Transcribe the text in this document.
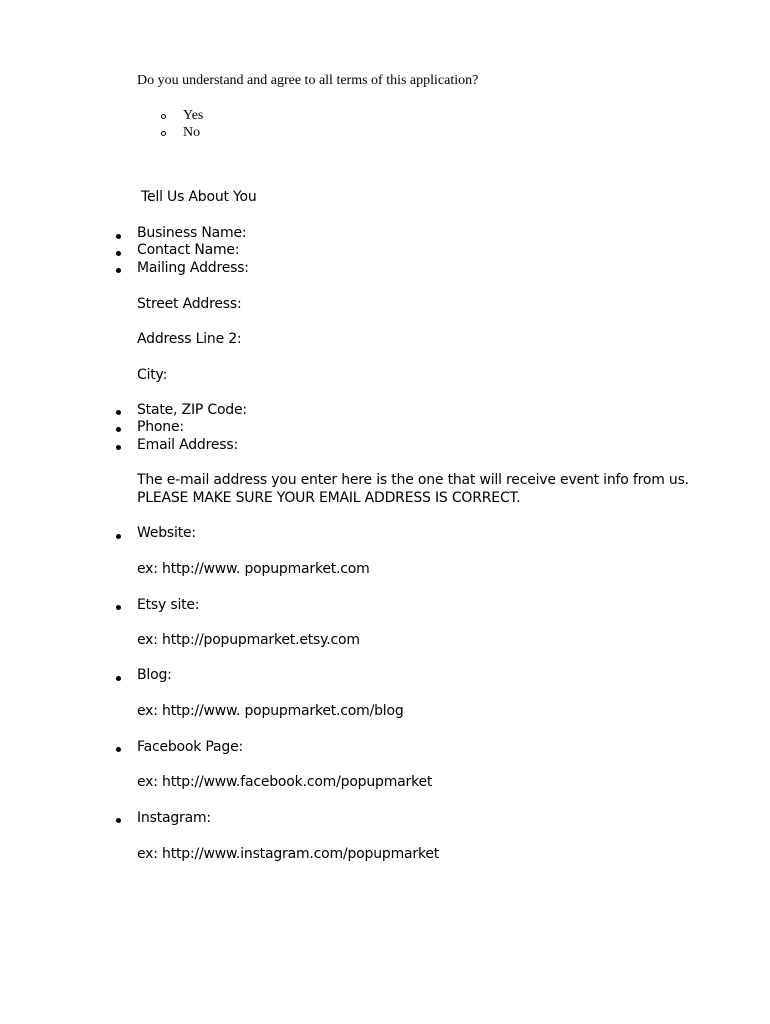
Do you understand and agree to all terms of this application?
Yes
No
Tell Us About You
Business Name:
Contact Name:
Mailing Address:
Street Address:
Address Line 2:
City:
State, ZIP Code:
Phone:
Email Address:
The e-mail address you enter here is the one that will receive event info from us.
PLEASE MAKE SURE YOUR EMAIL ADDRESS IS CORRECT.
Website:
ex: http://www. popupmarket.com
Etsy site:
ex: http://popupmarket.etsy.com
Blog:
ex: http://www. popupmarket.com/blog
Facebook Page:
ex: http://www.facebook.com/popupmarket
Instagram:
ex: http://www.instagram.com/popupmarket
